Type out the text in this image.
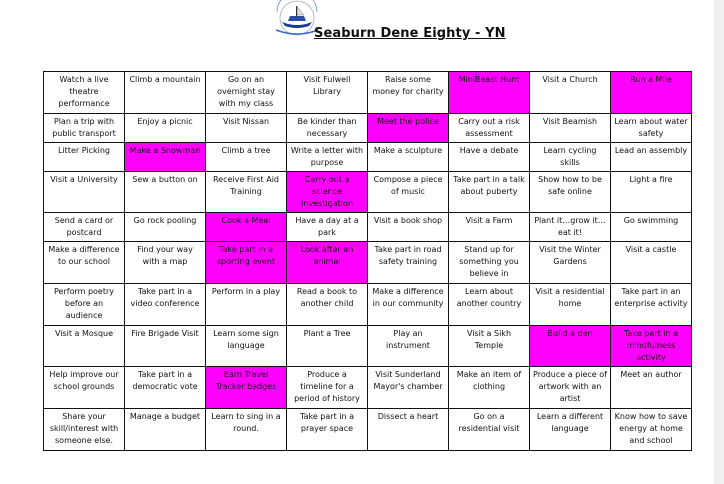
Seaburn Dene Eighty - YN
Watch a live theatre performance	Climb a mountain	Go on an overnight stay with my class	Visit Fulwell Library	Raise some money for charity	MiniBeast Hunt	Visit a Church	Run a Mile
Plan a trip with public transport	Enjoy a picnic	Visit Nissan	Be kinder than necessary	Meet the police	Carry out a risk assessment	Visit Beamish	Learn about water safety
Litter Picking	Make a Snowman	Climb a tree	Write a letter with purpose	Make a sculpture	Have a debate	Learn cycling skills	Lead an assembly
Visit a University	Sew a button on	Receive First Aid Training	Carry out a science investigation	Compose a piece of music	Take part in a talk about puberty	Show how to be safe online	Light a fire
Send a card or postcard	Go rock pooling	Cook a Meal	Have a day at a park	Visit a book shop	Visit a Farm	Plant it…grow it…eat it!	Go swimming
Make a difference to our school	Find your way with a map	Take part in a sporting event	Look after an animal	Take part in road safety training	Stand up for something you believe in	Visit the Winter Gardens	Visit a castle
Perform poetry before an audience	Take part in a video conference	Perform in a play	Read a book to another child	Make a difference in our community	Learn about another country	Visit a residential home	Take part in an enterprise activity
Visit a Mosque	Fire Brigade Visit	Learn some sign language	Plant a Tree	Play an instrument	Visit a Sikh Temple	Build a den	Take part in a mindfulness activity
Help improve our school grounds	Take part in a democratic vote	Earn Travel Tracker badges	Produce a timeline for a period of history	Visit Sunderland Mayor's chamber	Make an item of clothing	Produce a piece of artwork with an artist	Meet an author
Share your skill/interest with someone else.	Manage a budget	Learn to sing in a round.	Take part in a prayer space	Dissect a heart	Go on a residential visit	Learn a different language	Know how to save energy at home and school
